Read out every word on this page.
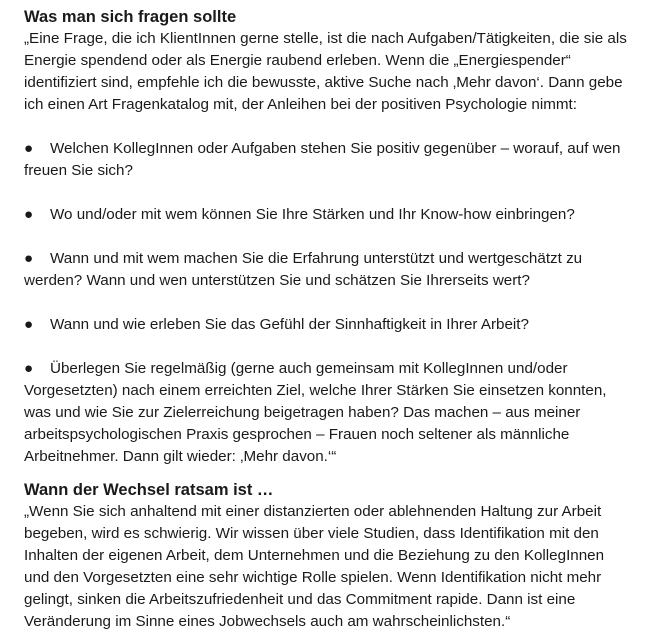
Was man sich fragen sollte

„Eine Frage, die ich KlientInnen gerne stelle, ist die nach Aufgaben/Tätigkeiten, die sie als
Energie spendend oder als Energie raubend erleben. Wenn die „Energiespender“
identifiziert sind, empfehle ich die bewusste, aktive Suche nach ‚Mehr davon‘. Dann gebe
ich einen Art Fragenkatalog mit, der Anleihen bei der positiven Psychologie nimmt:

● Welchen KollegInnen oder Aufgaben stehen Sie positiv gegenüber – worauf, auf wen
freuen Sie sich?

● Wo und/oder mit wem können Sie Ihre Stärken und Ihr Know-how einbringen?

● Wann und mit wem machen Sie die Erfahrung unterstützt und wertgeschätzt zu
werden? Wann und wen unterstützen Sie und schätzen Sie Ihrerseits wert?

● Wann und wie erleben Sie das Gefühl der Sinnhaftigkeit in Ihrer Arbeit?

● Überlegen Sie regelmäßig (gerne auch gemeinsam mit KollegInnen und/oder
Vorgesetzten) nach einem erreichten Ziel, welche Ihrer Stärken Sie einsetzen konnten,
was und wie Sie zur Zielerreichung beigetragen haben? Das machen – aus meiner
arbeitspsychologischen Praxis gesprochen – Frauen noch seltener als männliche
Arbeitnehmer. Dann gilt wieder: ‚Mehr davon.‘“

Wann der Wechsel ratsam ist …

„Wenn Sie sich anhaltend mit einer distanzierten oder ablehnenden Haltung zur Arbeit
begeben, wird es schwierig. Wir wissen über viele Studien, dass Identifikation mit den
Inhalten der eigenen Arbeit, dem Unternehmen und die Beziehung zu den KollegInnen
und den Vorgesetzten eine sehr wichtige Rolle spielen. Wenn Identifikation nicht mehr
gelingt, sinken die Arbeitszufriedenheit und das Commitment rapide. Dann ist eine
Veränderung im Sinne eines Jobwechsels auch am wahrscheinlichsten.“
